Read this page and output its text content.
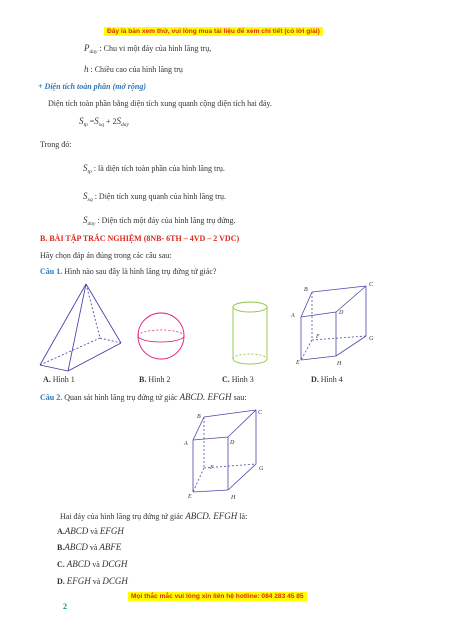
Đây là bản xem thử, vui lòng mua tài liệu để xem chi tiết (có lời giải)
$P_{day}$ : Chu vi một đáy của hình lăng trụ,
h : Chiều cao của hình lăng trụ
+ Diện tích toàn phần (mở rộng)
Diện tích toàn phần bằng diện tích xung quanh cộng diện tích hai đáy.
$S_{tp} =S_{xq} + 2S_{day}$
Trong đó:
$S_{tp}$ : là diện tích toàn phần của hình lăng trụ.
$S_{xq}$ : Diện tích xung quanh của hình lăng trụ.
$S_{day}$ : Diện tích một đáy của hình lăng trụ đứng.
B. BÀI TẬP TRẮC NGHIỆM (8NB- 6TH – 4VD – 2 VDC)
Hãy chọn đáp án đúng trong các câu sau:
Câu 1. Hình nào sau đây là hình lăng trụ đứng tứ giác?
B
C
A	D
F	G
E	H
A. Hình 1	B. Hình 2	C. Hình 3	D. Hình 4
Câu 2. Quan sát hình lăng trụ đứng tứ giác ABCD. EFGH sau:
B
C
A	D
F	G
E	H
Hai đáy của hình lăng trụ đứng tứ giác ABCD. EFGH là:
A.ABCD và EFGH
B.ABCD và ABFE
C. ABCD và DCGH
D. EFGH và DCGH
Mọi thắc mắc vui lòng xin liên hệ hotline: 084 283 45 85
2
